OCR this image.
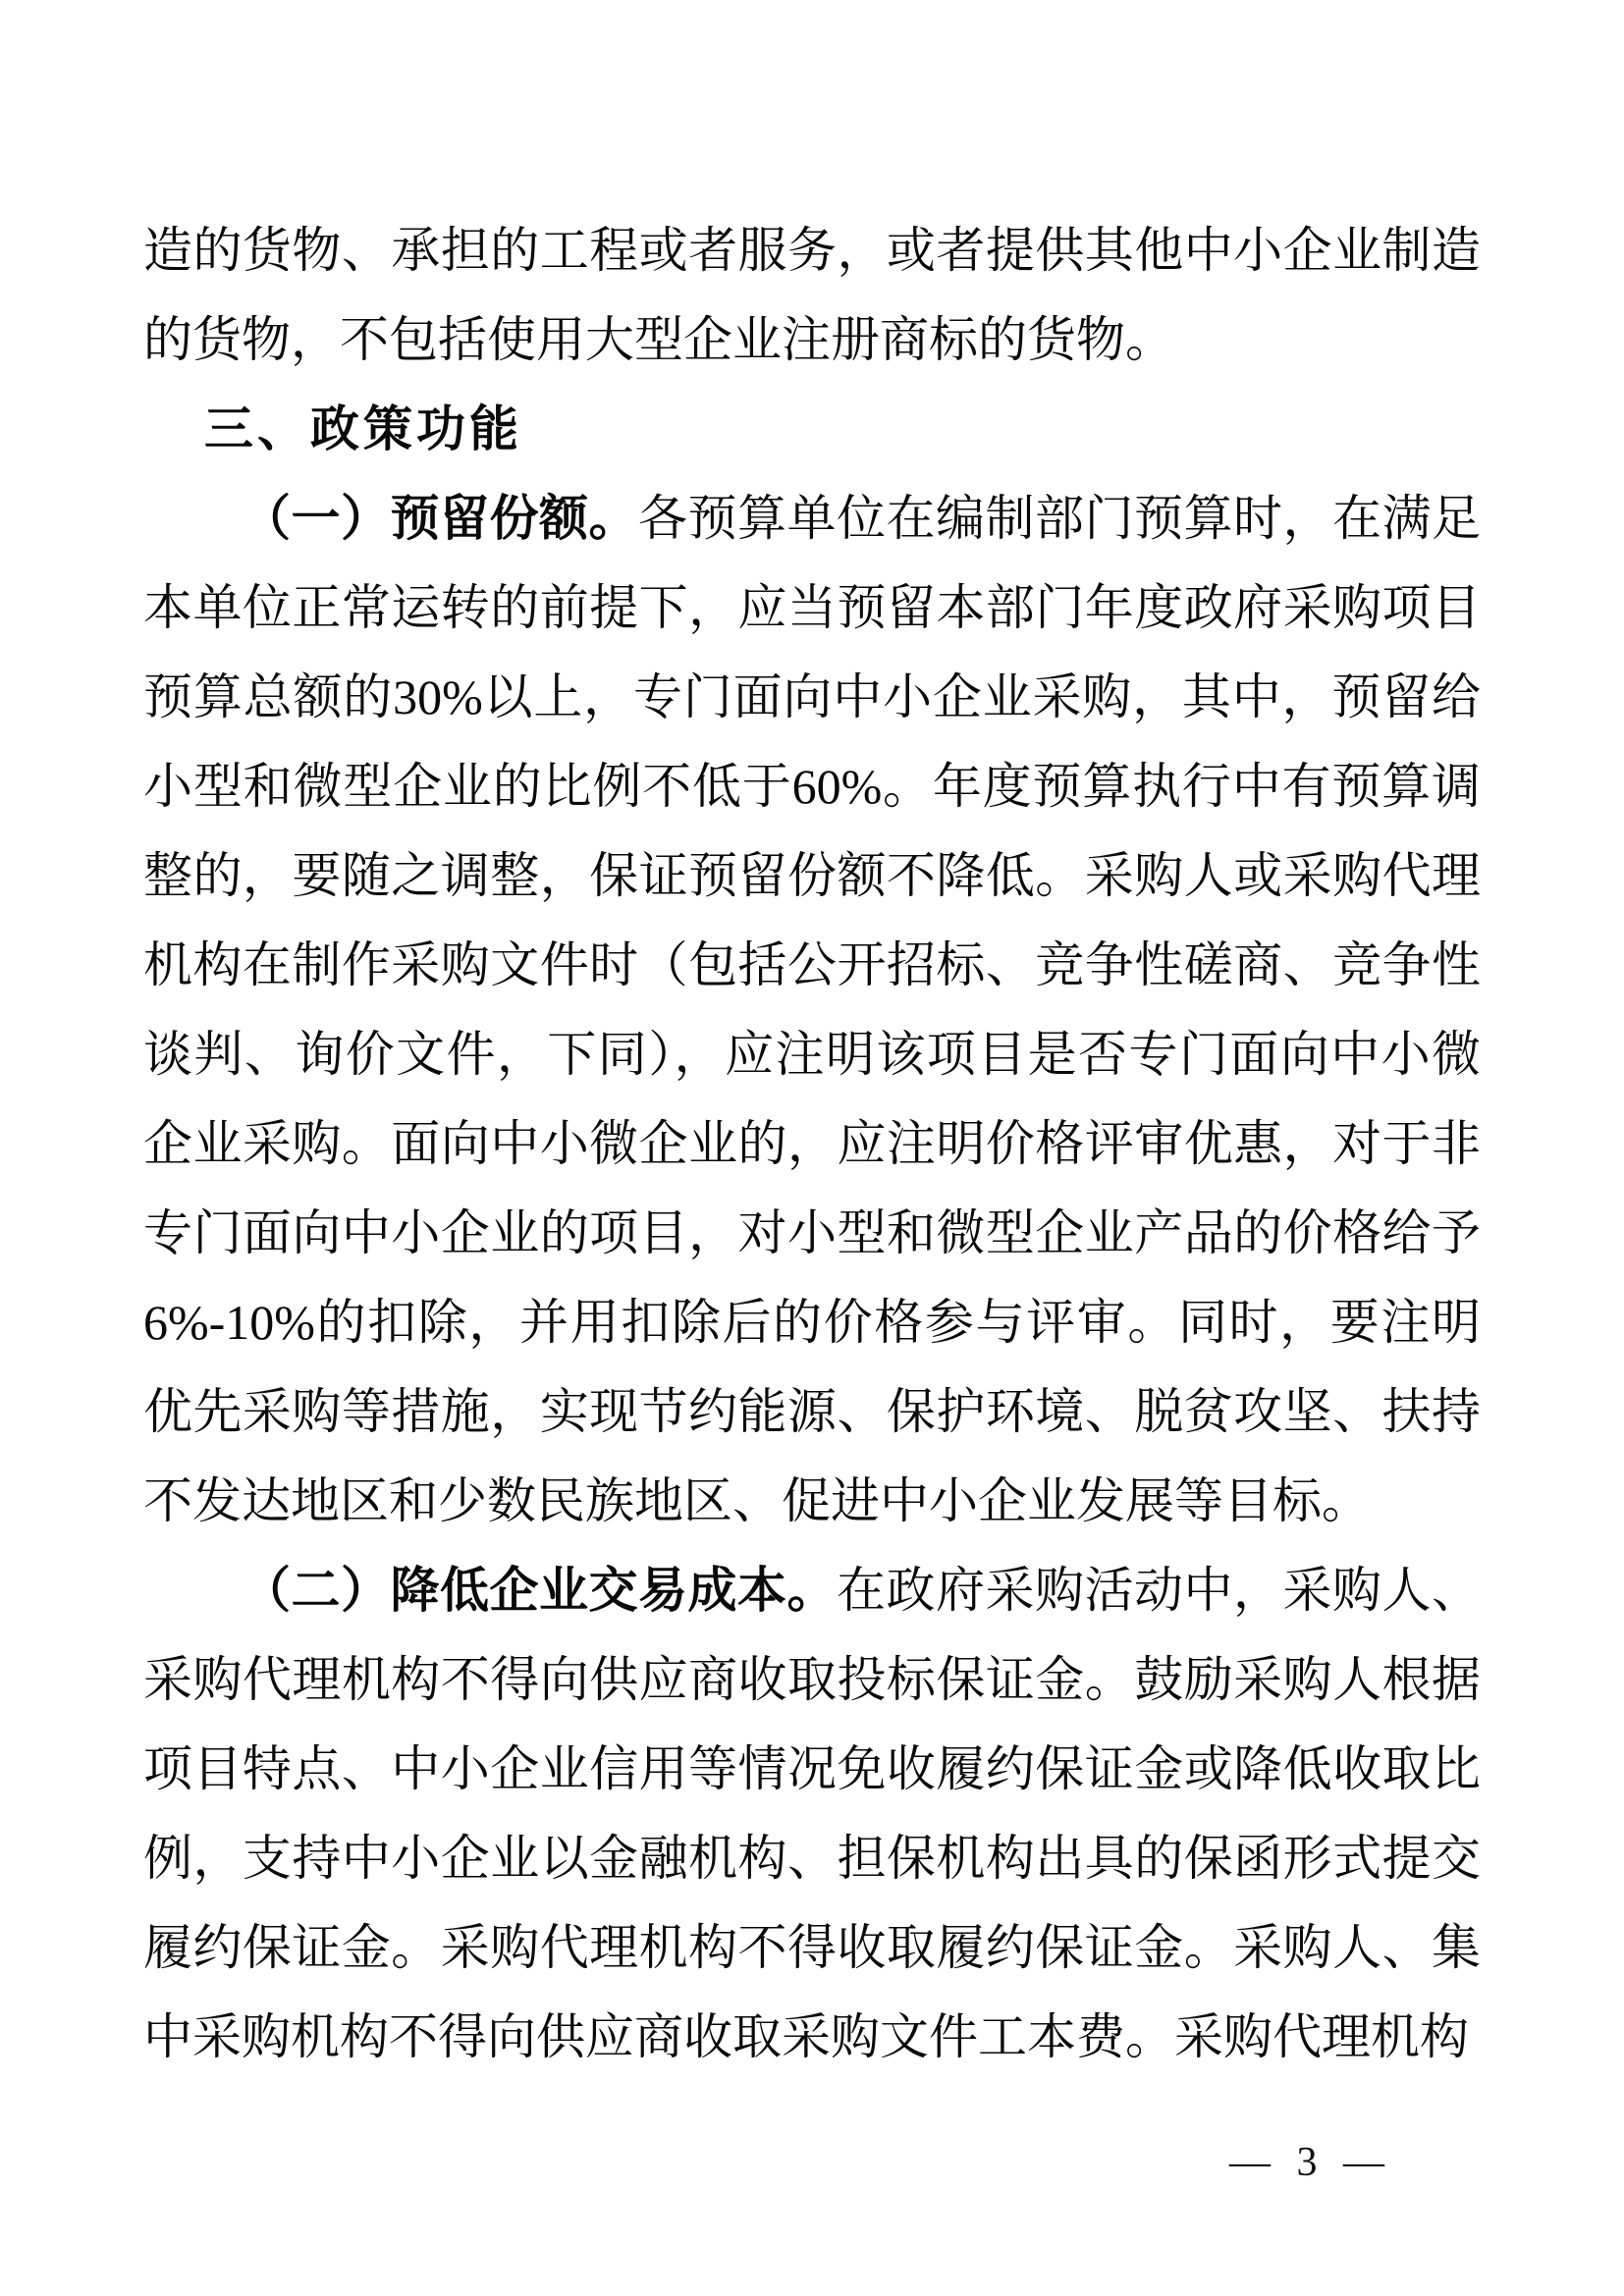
造的货物、承担的工程或者服务，或者提供其他中小企业制造的货物，不包括使用大型企业注册商标的货物。

三、政策功能

（一）预留份额。各预算单位在编制部门预算时，在满足本单位正常运转的前提下，应当预留本部门年度政府采购项目预算总额的30%以上，专门面向中小企业采购，其中，预留给小型和微型企业的比例不低于60%。年度预算执行中有预算调整的，要随之调整，保证预留份额不降低。采购人或采购代理机构在制作采购文件时（包括公开招标、竞争性磋商、竞争性谈判、询价文件，下同），应注明该项目是否专门面向中小微企业采购。面向中小微企业的，应注明价格评审优惠，对于非专门面向中小企业的项目，对小型和微型企业产品的价格给予6%-10%的扣除，并用扣除后的价格参与评审。同时，要注明优先采购等措施，实现节约能源、保护环境、脱贫攻坚、扶持不发达地区和少数民族地区、促进中小企业发展等目标。

（二）降低企业交易成本。在政府采购活动中，采购人、采购代理机构不得向供应商收取投标保证金。鼓励采购人根据项目特点、中小企业信用等情况免收履约保证金或降低收取比例，支持中小企业以金融机构、担保机构出具的保函形式提交履约保证金。采购代理机构不得收取履约保证金。采购人、集中采购机构不得向供应商收取采购文件工本费。采购代理机构

— 3 —
